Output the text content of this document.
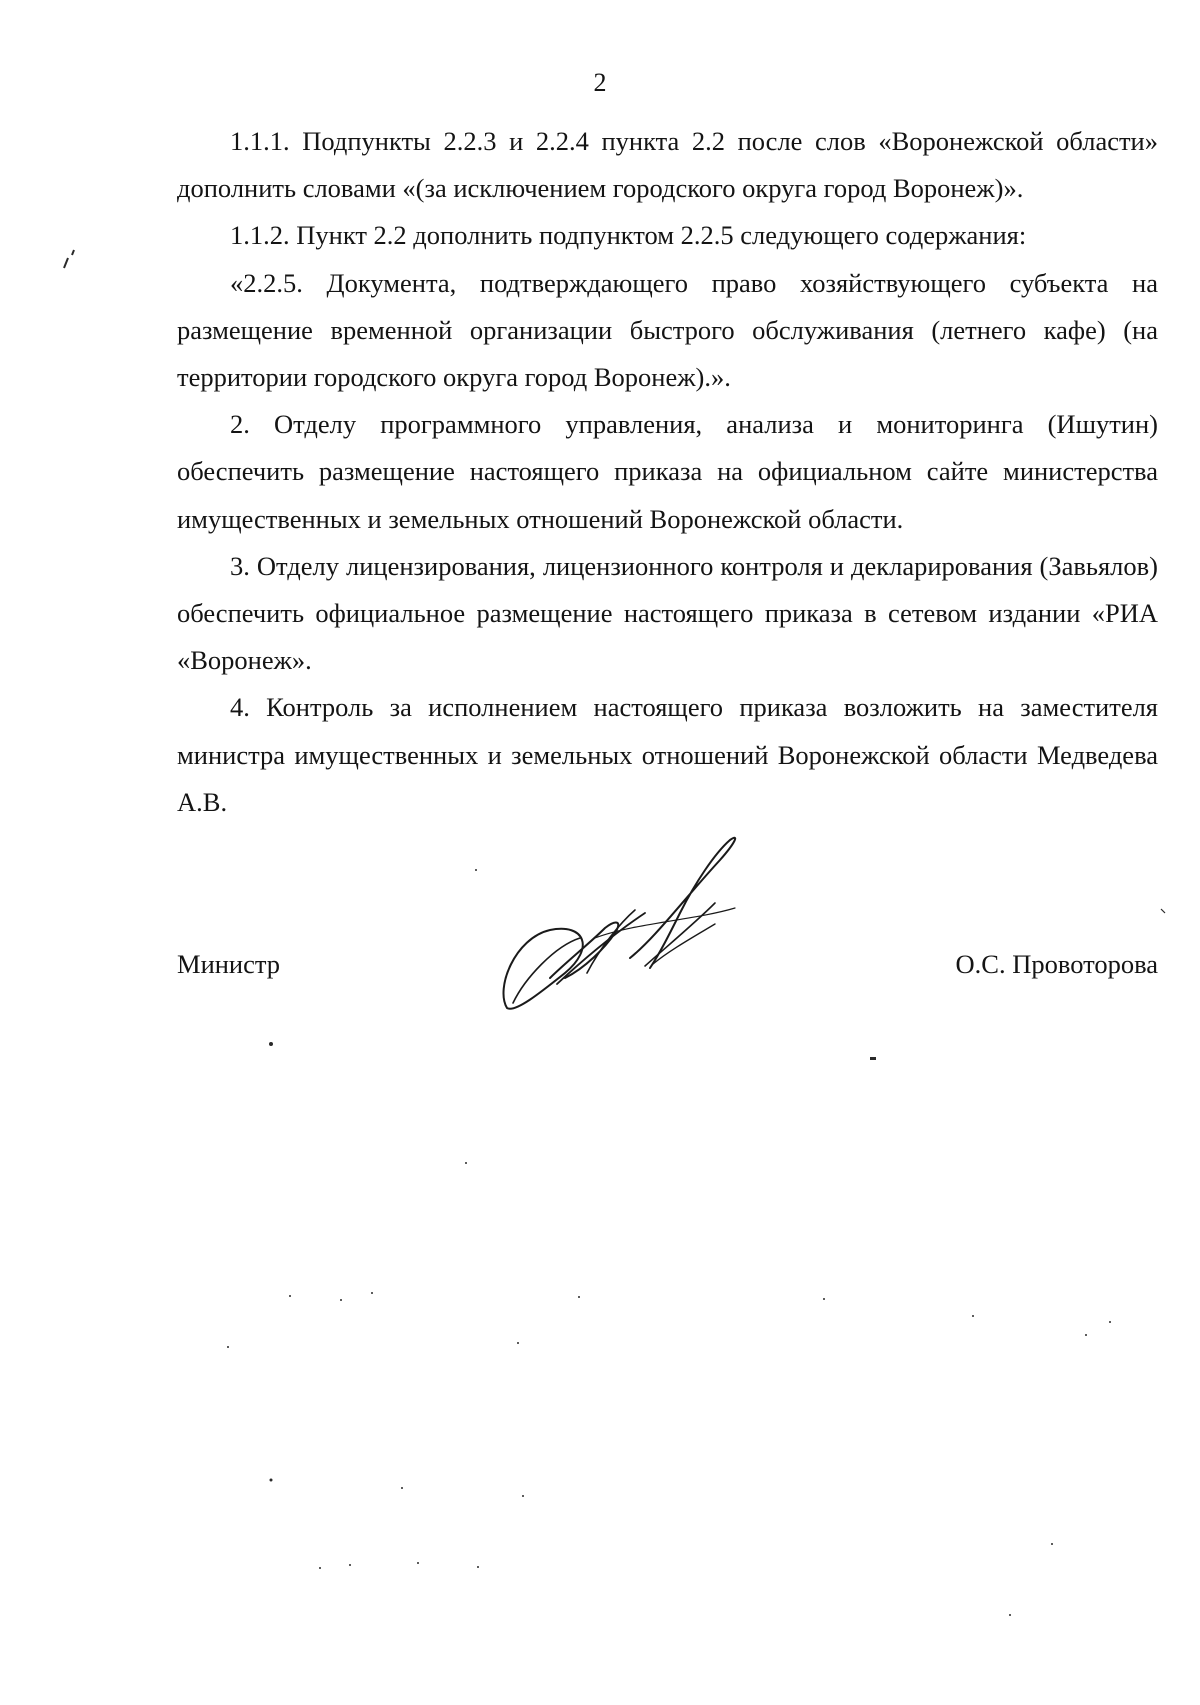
2

1.1.1. Подпункты 2.2.3 и 2.2.4 пункта 2.2 после слов «Воронежской области» дополнить словами «(за исключением городского округа город Воронеж)».

1.1.2. Пункт 2.2 дополнить подпунктом 2.2.5 следующего содержания:

«2.2.5. Документа, подтверждающего право хозяйствующего субъекта на размещение временной организации быстрого обслуживания (летнего кафе) (на территории городского округа город Воронеж).».

2. Отделу программного управления, анализа и мониторинга (Ишутин) обеспечить размещение настоящего приказа на официальном сайте министерства имущественных и земельных отношений Воронежской области.

3. Отделу лицензирования, лицензионного контроля и декларирования (Завьялов) обеспечить официальное размещение настоящего приказа в сетевом издании «РИА «Воронеж».

4. Контроль за исполнением настоящего приказа возложить на заместителя министра имущественных и земельных отношений Воронежской области Медведева А.В.

Министр	О.С. Провоторова
